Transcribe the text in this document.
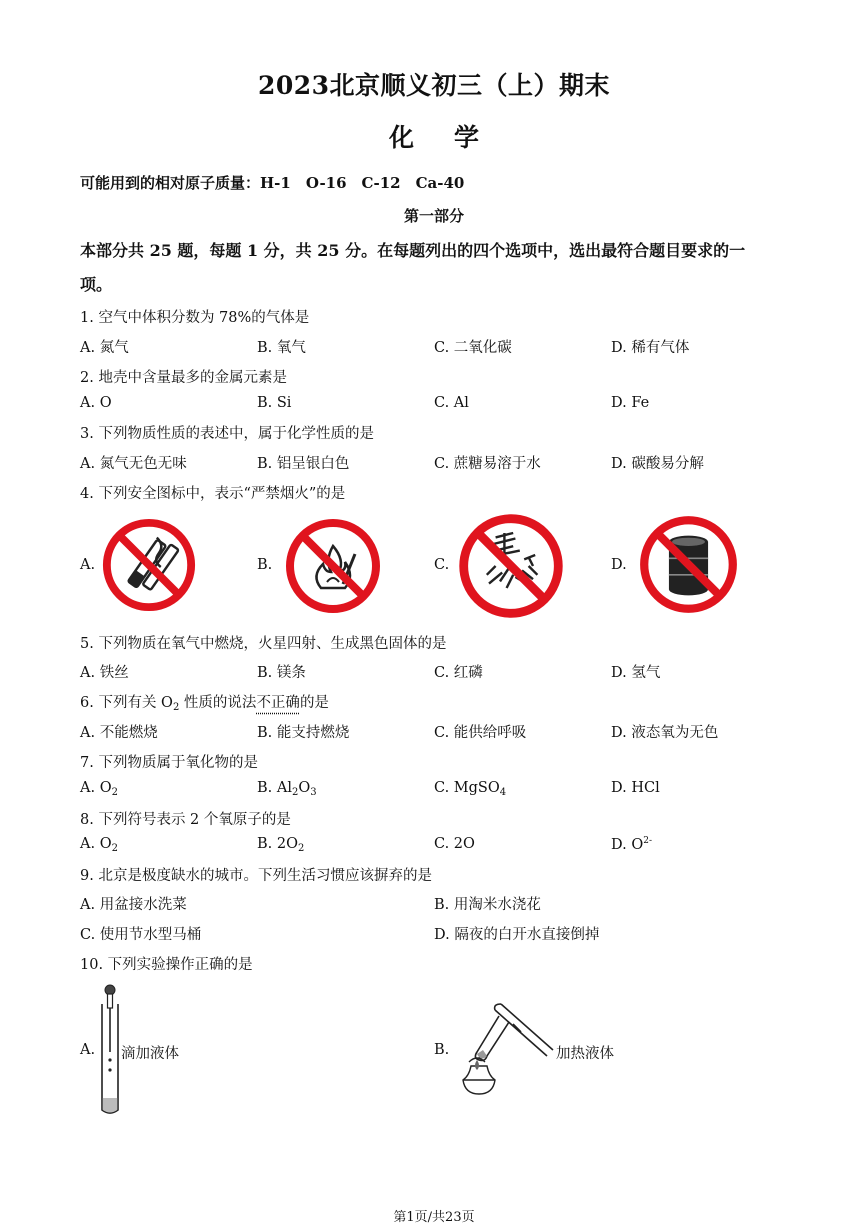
2023北京顺义初三（上）期末
化学
可能用到的相对原子质量：H-1　O-16　C-12　Ca-40
第一部分
本部分共 25 题，每题 1 分，共 25 分。在每题列出的四个选项中，选出最符合题目要求的一
项。
1. 空气中体积分数为 78%的气体是
A. 氮气	B. 氧气	C. 二氧化碳	D. 稀有气体
2. 地壳中含量最多的金属元素是
A. O	B. Si	C. Al	D. Fe
3. 下列物质性质的表述中，属于化学性质的是
A. 氮气无色无味	B. 铝呈银白色	C. 蔗糖易溶于水	D. 碳酸易分解
4. 下列安全图标中，表示“严禁烟火”的是
A.	B.	C.	D.
5. 下列物质在氧气中燃烧，火星四射、生成黑色固体的是
A. 铁丝	B. 镁条	C. 红磷	D. 氢气
6. 下列有关 $O_2$ 性质的说法不正确的是
A. 不能燃烧	B. 能支持燃烧	C. 能供给呼吸	D. 液态氧为无色
7. 下列物质属于氧化物的是
A. $O_2$	B. $Al_2O_3$	C. MgSO$_4$	D. HCl
8. 下列符号表示 2 个氧原子的是
A. $O_2$	B. $2O_2$	C. 2O	D. $O^{2-}$
9. 北京是极度缺水的城市。下列生活习惯应该摒弃的是
A. 用盆接水洗菜	B. 用淘米水浇花
C. 使用节水型马桶	D. 隔夜的白开水直接倒掉
10. 下列实验操作正确的是
A. 滴加液体	B.	加热液体
第1页/共23页
